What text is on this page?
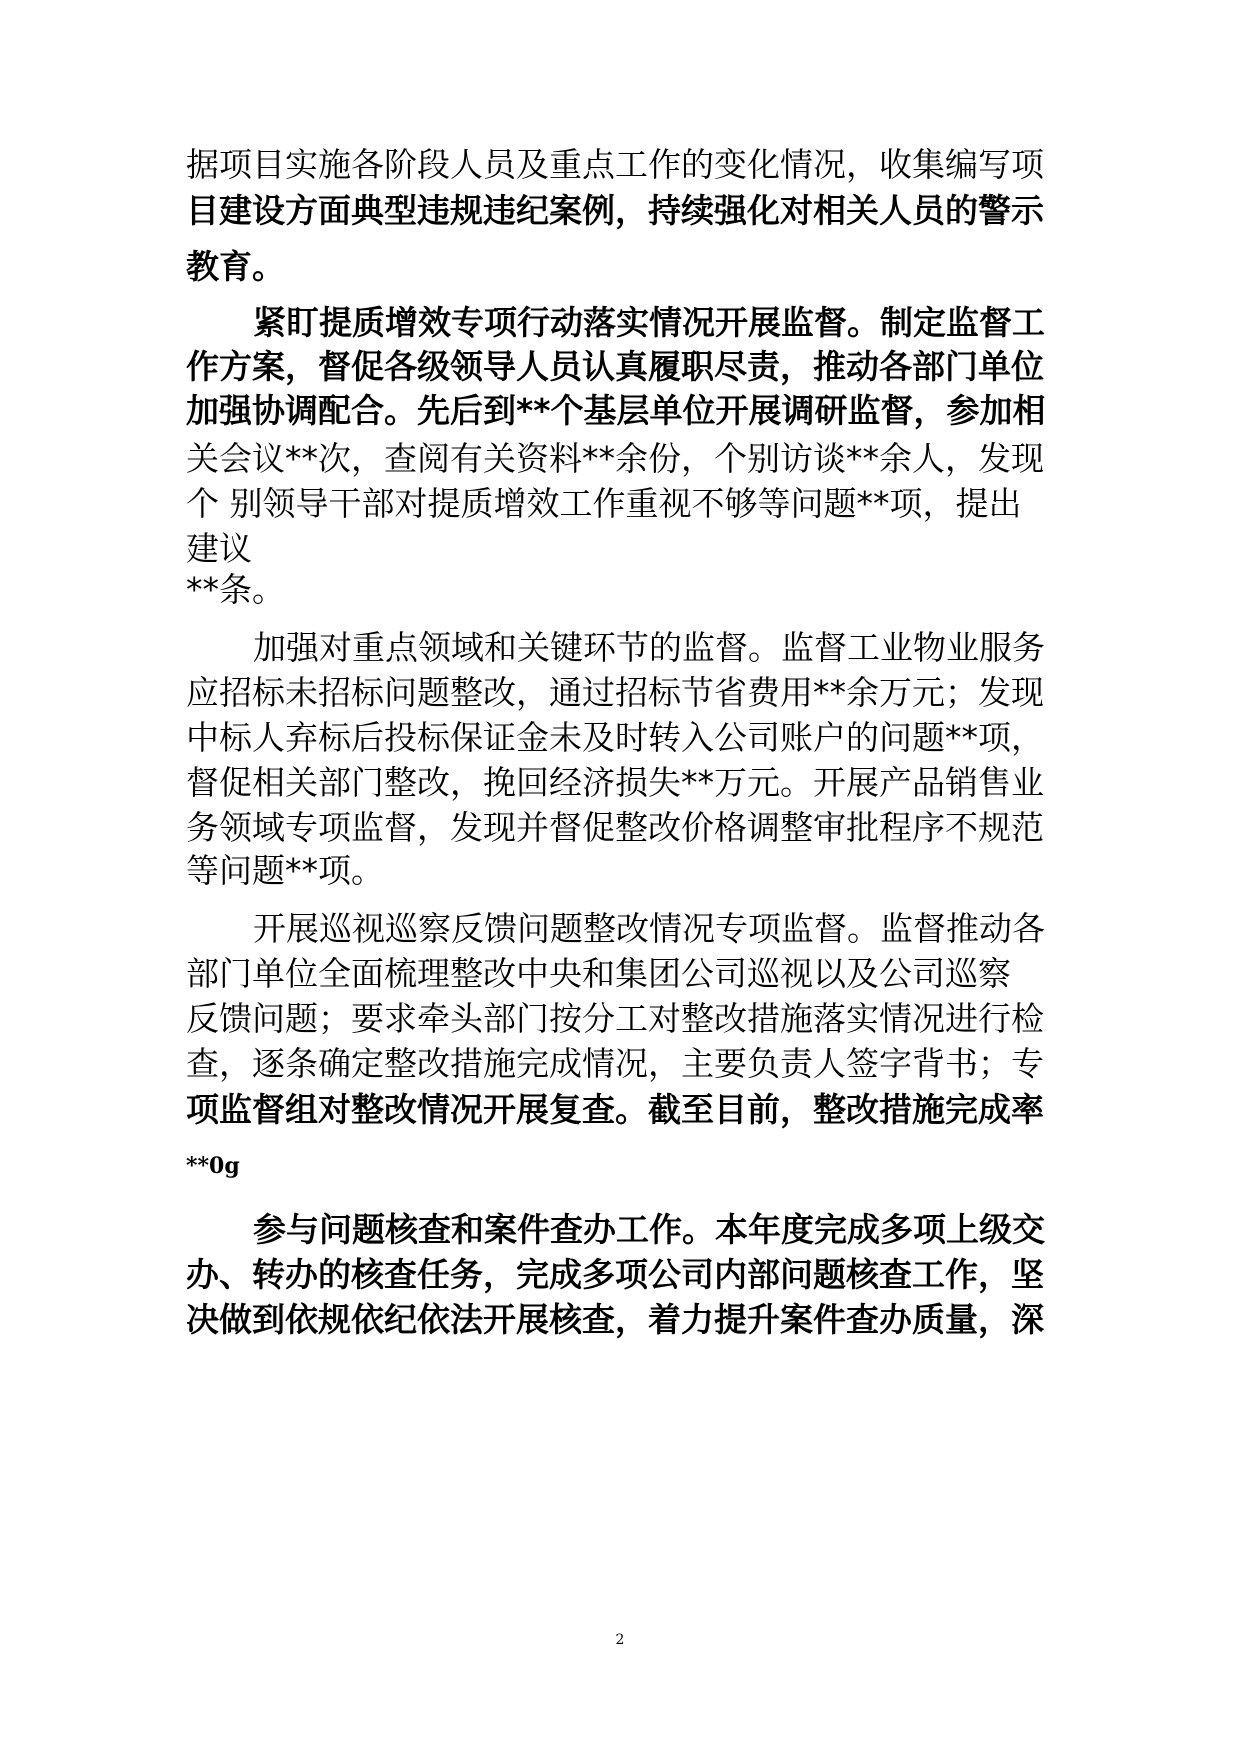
据项目实施各阶段人员及重点工作的变化情况，收集编写项
目建设方面典型违规违纪案例，持续强化对相关人员的警示
教育。
紧盯提质增效专项行动落实情况开展监督。制定监督工
作方案，督促各级领导人员认真履职尽责，推动各部门单位
加强协调配合。先后到**个基层单位开展调研监督，参加相
关会议**次，查阅有关资料**余份，个别访谈**余人，发现
个 别领导干部对提质增效工作重视不够等问题**项，提出
建议
**条。
加强对重点领域和关键环节的监督。监督工业物业服务
应招标未招标问题整改，通过招标节省费用**余万元；发现
中标人弃标后投标保证金未及时转入公司账户的问题**项，
督促相关部门整改，挽回经济损失**万元。开展产品销售业
务领域专项监督，发现并督促整改价格调整审批程序不规范
等问题**项。
开展巡视巡察反馈问题整改情况专项监督。监督推动各
部门单位全面梳理整改中央和集团公司巡视以及公司巡察
反馈问题；要求牵头部门按分工对整改措施落实情况进行检
查，逐条确定整改措施完成情况，主要负责人签字背书；专
项监督组对整改情况开展复查。截至目前，整改措施完成率
**0g
参与问题核查和案件查办工作。本年度完成多项上级交
办、转办的核查任务，完成多项公司内部问题核查工作，坚
决做到依规依纪依法开展核查，着力提升案件查办质量，深
2
